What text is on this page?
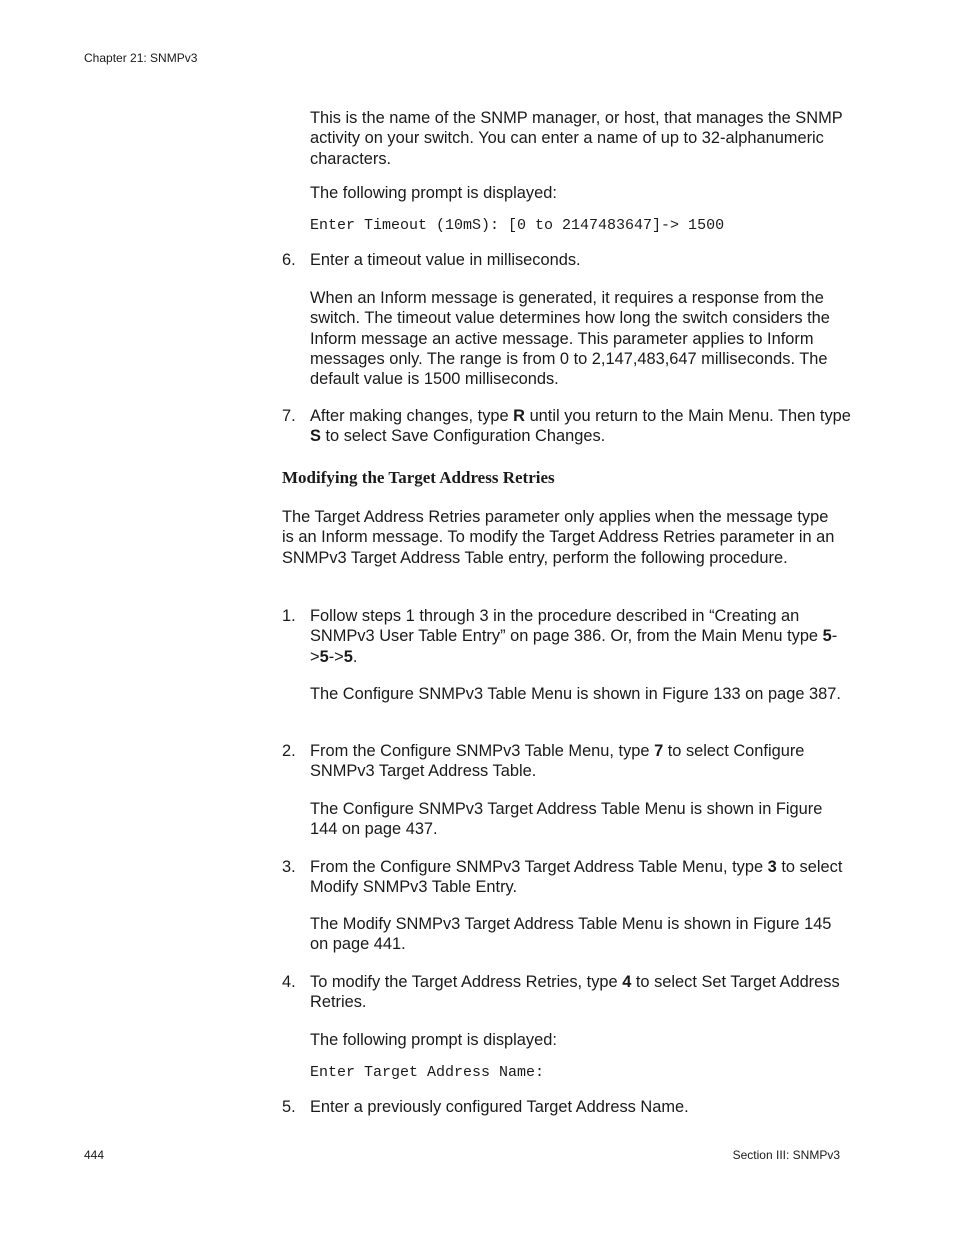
Chapter 21: SNMPv3
This is the name of the SNMP manager, or host, that manages the SNMP activity on your switch. You can enter a name of up to 32-alphanumeric characters.
The following prompt is displayed:
Enter Timeout (10mS): [0 to 2147483647]-> 1500
6. Enter a timeout value in milliseconds.
When an Inform message is generated, it requires a response from the switch. The timeout value determines how long the switch considers the Inform message an active message. This parameter applies to Inform messages only. The range is from 0 to 2,147,483,647 milliseconds. The default value is 1500 milliseconds.
7. After making changes, type R until you return to the Main Menu. Then type S to select Save Configuration Changes.
Modifying the Target Address Retries
The Target Address Retries parameter only applies when the message type is an Inform message. To modify the Target Address Retries parameter in an SNMPv3 Target Address Table entry, perform the following procedure.
1. Follow steps 1 through 3 in the procedure described in “Creating an SNMPv3 User Table Entry” on page 386. Or, from the Main Menu type 5->5->5.
The Configure SNMPv3 Table Menu is shown in Figure 133 on page 387.
2. From the Configure SNMPv3 Table Menu, type 7 to select Configure SNMPv3 Target Address Table.
The Configure SNMPv3 Target Address Table Menu is shown in Figure 144 on page 437.
3. From the Configure SNMPv3 Target Address Table Menu, type 3 to select Modify SNMPv3 Table Entry.
The Modify SNMPv3 Target Address Table Menu is shown in Figure 145 on page 441.
4. To modify the Target Address Retries, type 4 to select Set Target Address Retries.
The following prompt is displayed:
Enter Target Address Name:
5. Enter a previously configured Target Address Name.
444	Section III: SNMPv3
